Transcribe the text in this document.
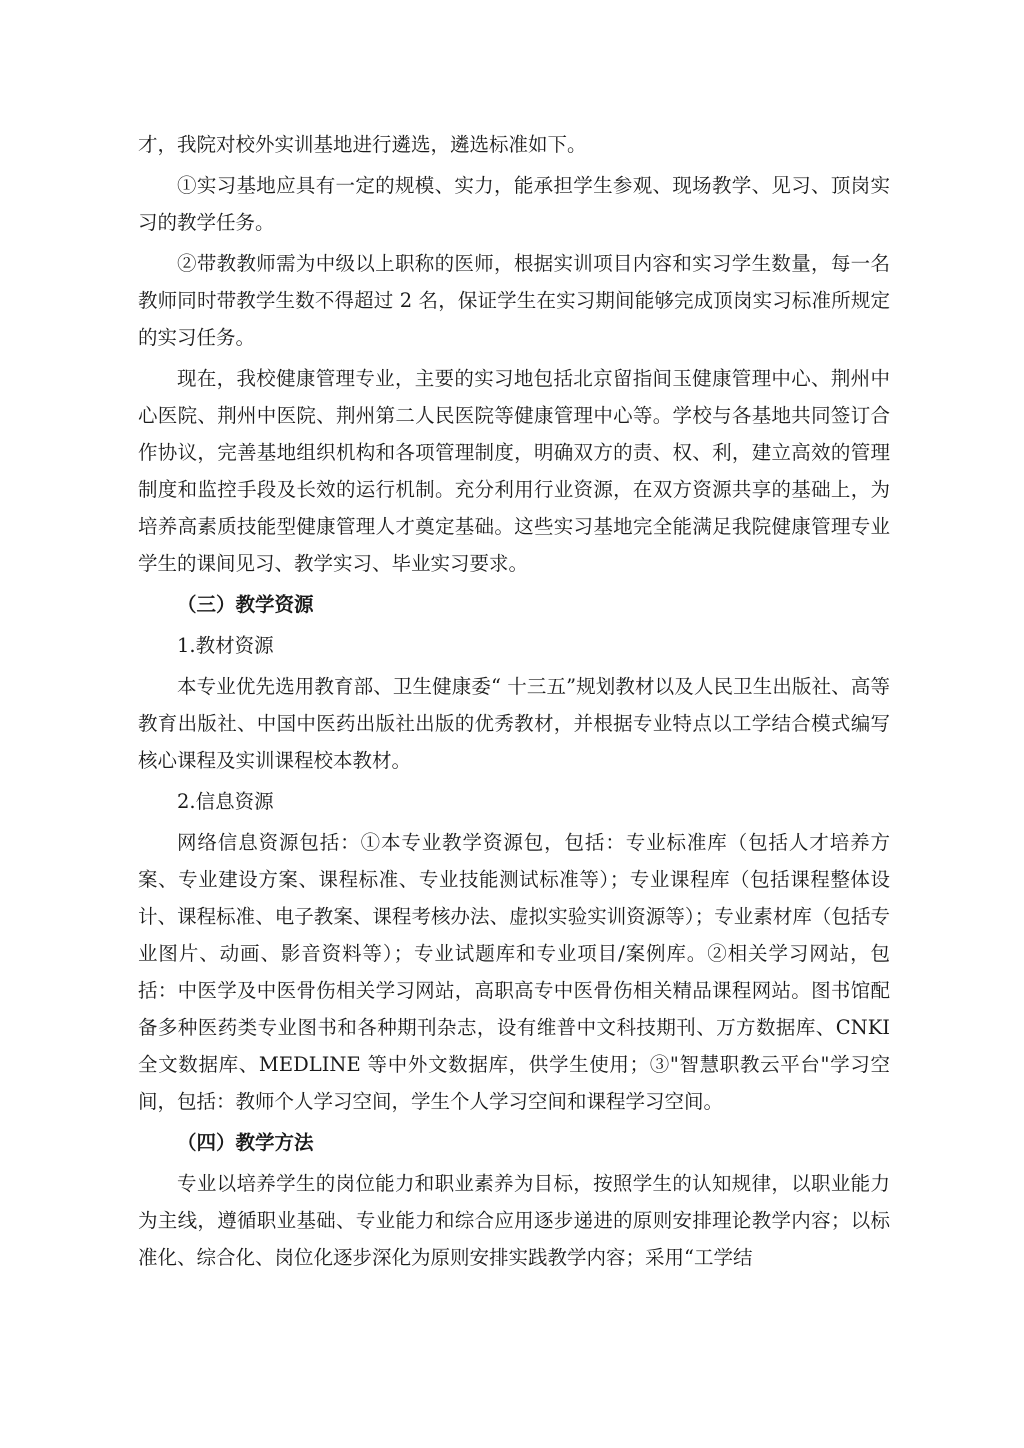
才，我院对校外实训基地进行遴选，遴选标准如下。

①实习基地应具有一定的规模、实力，能承担学生参观、现场教学、见习、顶岗实习的教学任务。

②带教教师需为中级以上职称的医师，根据实训项目内容和实习学生数量，每一名教师同时带教学生数不得超过 2 名，保证学生在实习期间能够完成顶岗实习标准所规定的实习任务。

现在，我校健康管理专业，主要的实习地包括北京留指间玉健康管理中心、荆州中心医院、荆州中医院、荆州第二人民医院等健康管理中心等。学校与各基地共同签订合作协议，完善基地组织机构和各项管理制度，明确双方的责、权、利，建立高效的管理制度和监控手段及长效的运行机制。充分利用行业资源，在双方资源共享的基础上，为培养高素质技能型健康管理人才奠定基础。这些实习基地完全能满足我院健康管理专业学生的课间见习、教学实习、毕业实习要求。

（三）教学资源

1.教材资源

本专业优先选用教育部、卫生健康委“ 十三五”规划教材以及人民卫生出版社、高等教育出版社、中国中医药出版社出版的优秀教材，并根据专业特点以工学结合模式编写核心课程及实训课程校本教材。

2.信息资源

网络信息资源包括：①本专业教学资源包，包括：专业标准库（包括人才培养方案、专业建设方案、课程标准、专业技能测试标准等）；专业课程库（包括课程整体设计、课程标准、电子教案、课程考核办法、虚拟实验实训资源等）；专业素材库（包括专业图片、动画、影音资料等）；专业试题库和专业项目/案例库。②相关学习网站，包括：中医学及中医骨伤相关学习网站，高职高专中医骨伤相关精品课程网站。图书馆配备多种医药类专业图书和各种期刊杂志，设有维普中文科技期刊、万方数据库、CNKI 全文数据库、MEDLINE 等中外文数据库，供学生使用；③"智慧职教云平台"学习空间，包括：教师个人学习空间，学生个人学习空间和课程学习空间。

（四）教学方法

专业以培养学生的岗位能力和职业素养为目标，按照学生的认知规律，以职业能力为主线，遵循职业基础、专业能力和综合应用逐步递进的原则安排理论教学内容；以标准化、综合化、岗位化逐步深化为原则安排实践教学内容；采用“工学结
